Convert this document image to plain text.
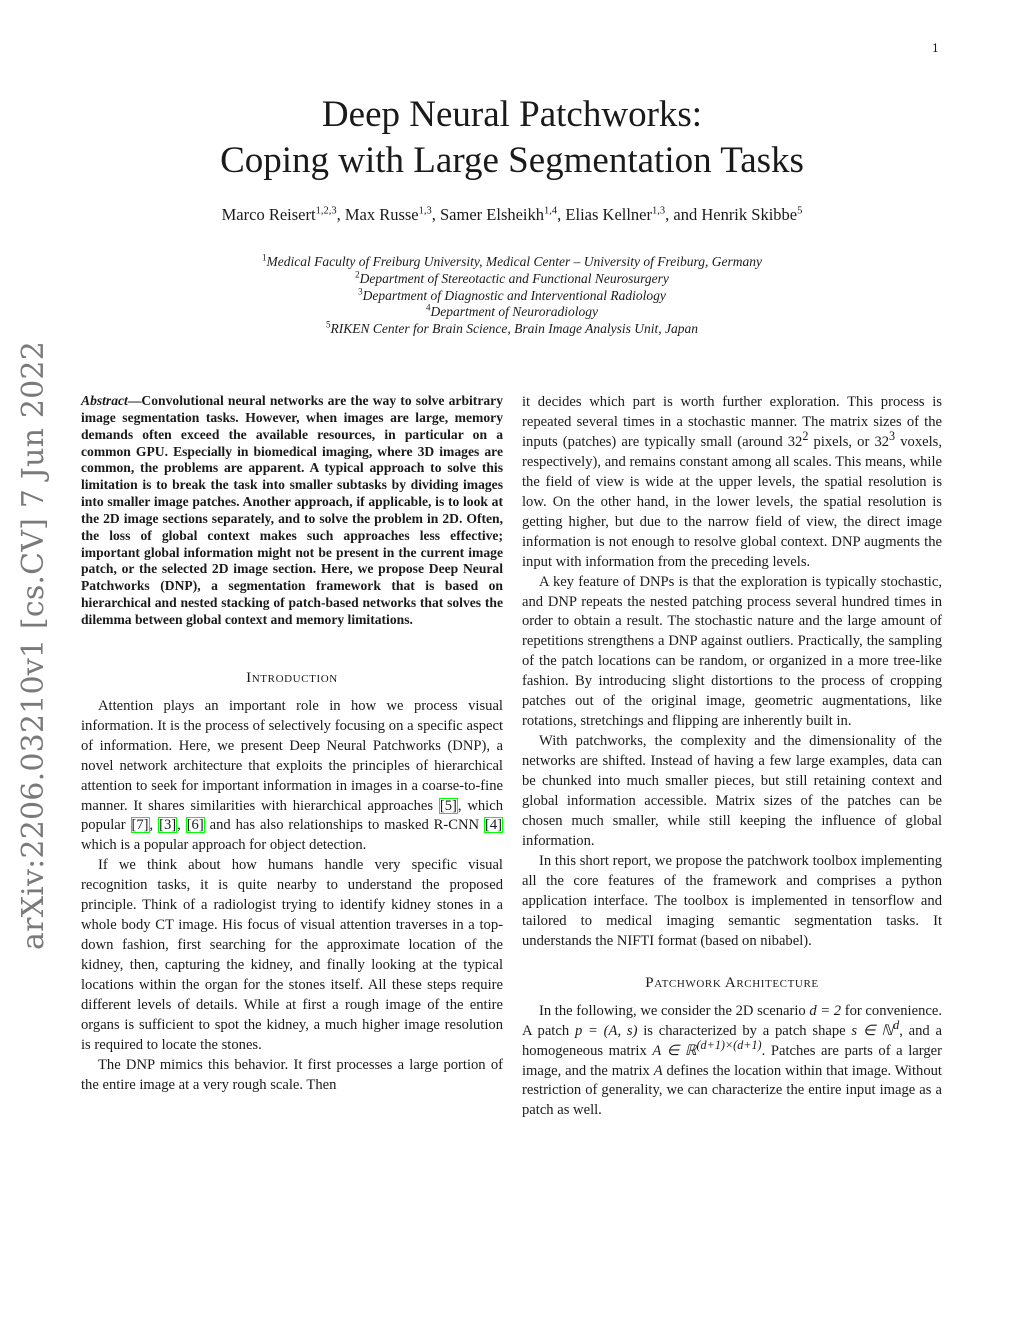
1
arXiv:2206.03210v1 [cs.CV] 7 Jun 2022
Deep Neural Patchworks:
Coping with Large Segmentation Tasks
Marco Reisert$^{1,2,3}$, Max Russe$^{1,3}$, Samer Elsheikh$^{1,4}$, Elias Kellner$^{1,3}$, and Henrik Skibbe$^5$
$^1$Medical Faculty of Freiburg University, Medical Center – University of Freiburg, Germany
$^2$Department of Stereotactic and Functional Neurosurgery
$^3$Department of Diagnostic and Interventional Radiology
$^4$Department of Neuroradiology
$^5$RIKEN Center for Brain Science, Brain Image Analysis Unit, Japan
Abstract—Convolutional neural networks are the way to solve arbitrary image segmentation tasks. However, when images are large, memory demands often exceed the available resources, in particular on a common GPU. Especially in biomedical imaging, where 3D images are common, the problems are apparent. A typical approach to solve this limitation is to break the task into smaller subtasks by dividing images into smaller image patches. Another approach, if applicable, is to look at the 2D image sections separately, and to solve the problem in 2D. Often, the loss of global context makes such approaches less effective; important global information might not be present in the current image patch, or the selected 2D image section. Here, we propose Deep Neural Patchworks (DNP), a segmentation framework that is based on hierarchical and nested stacking of patch-based networks that solves the dilemma between global context and memory limitations.
Introduction

Attention plays an important role in how we process visual information. It is the process of selectively focusing on a specific aspect of information. Here, we present Deep Neural Patchworks (DNP), a novel network architecture that exploits the principles of hierarchical attention to seek for important information in images in a coarse-to-fine manner. It shares similarities with hierarchical approaches [5], which popular [7], [3], [6] and has also relationships to masked R-CNN [4] which is a popular approach for object detection.

If we think about how humans handle very specific visual recognition tasks, it is quite nearby to understand the proposed principle. Think of a radiologist trying to identify kidney stones in a whole body CT image. His focus of visual attention traverses in a top-down fashion, first searching for the approximate location of the kidney, then, capturing the kidney, and finally looking at the typical locations within the organ for the stones itself. All these steps require different levels of details. While at first a rough image of the entire organs is sufficient to spot the kidney, a much higher image resolution is required to locate the stones.

The DNP mimics this behavior. It first processes a large portion of the entire image at a very rough scale. Then

it decides which part is worth further exploration. This process is repeated several times in a stochastic manner. The matrix sizes of the inputs (patches) are typically small (around $32^2$ pixels, or $32^3$ voxels, respectively), and remains constant among all scales. This means, while the field of view is wide at the upper levels, the spatial resolution is low. On the other hand, in the lower levels, the spatial resolution is getting higher, but due to the narrow field of view, the direct image information is not enough to resolve global context. DNP augments the input with information from the preceding levels.

A key feature of DNPs is that the exploration is typically stochastic, and DNP repeats the nested patching process several hundred times in order to obtain a result. The stochastic nature and the large amount of repetitions strengthens a DNP against outliers. Practically, the sampling of the patch locations can be random, or organized in a more tree-like fashion. By introducing slight distortions to the process of cropping patches out of the original image, geometric augmentations, like rotations, stretchings and flipping are inherently built in.

With patchworks, the complexity and the dimensionality of the networks are shifted. Instead of having a few large examples, data can be chunked into much smaller pieces, but still retaining context and global information accessible. Matrix sizes of the patches can be chosen much smaller, while still keeping the influence of global information.

In this short report, we propose the patchwork toolbox implementing all the core features of the framework and comprises a python application interface. The toolbox is implemented in tensorflow and tailored to medical imaging semantic segmentation tasks. It understands the NIFTI format (based on nibabel).

Patchwork Architecture

In the following, we consider the 2D scenario d = 2 for convenience. A patch p = (A, s) is characterized by a patch shape s ∈ ℕ$^d$, and a homogeneous matrix A ∈ ℝ$^{(d+1)\times(d+1)}$. Patches are parts of a larger image, and the matrix A defines the location within that image. Without restriction of generality, we can characterize the entire input image as a patch as well.
